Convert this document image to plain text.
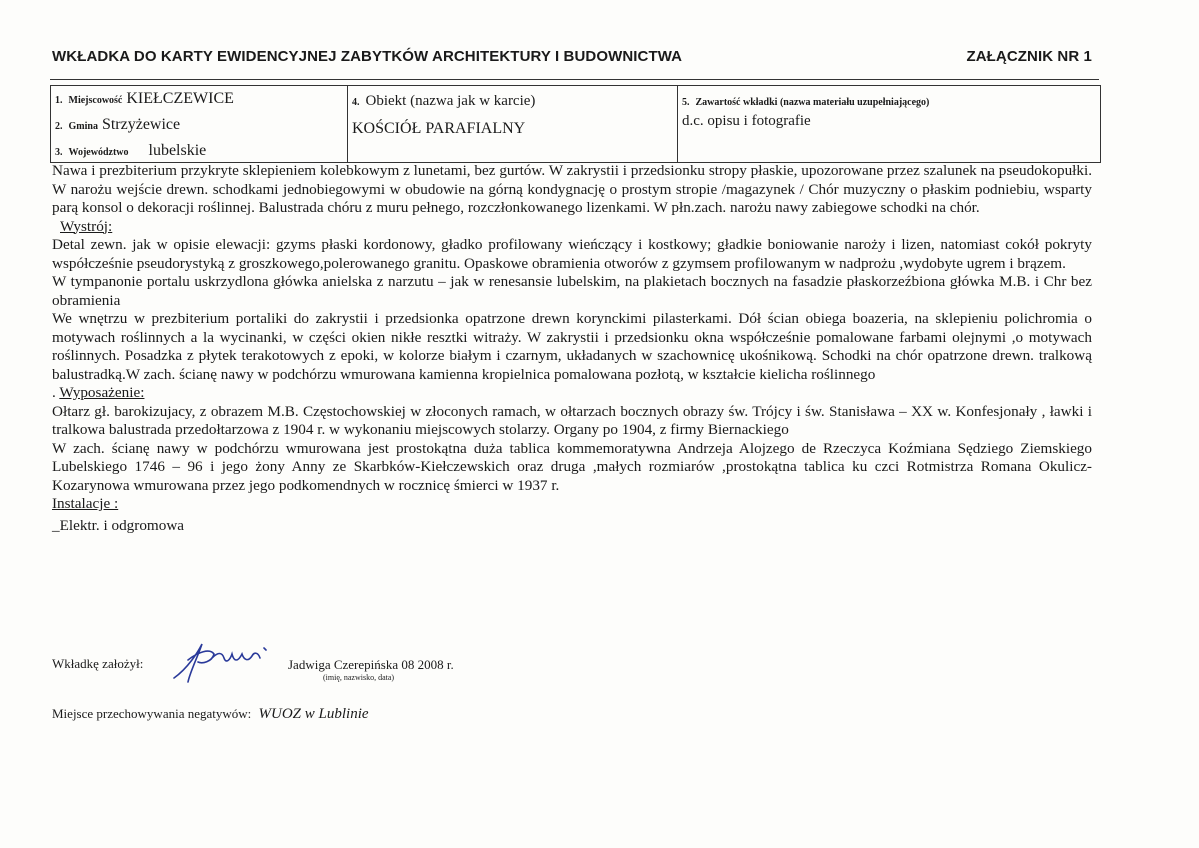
WKŁADKA DO KARTY EWIDENCYJNEJ ZABYTKÓW ARCHITEKTURY I BUDOWNICTWA	ZAŁĄCZNIK NR 1
1. Miejscowość KIEŁCZEWICE
2. Gmina Strzyżewice
3. Województwo lubelskie
4. Obiekt (nazwa jak w karcie)
KOŚCIÓŁ PARAFIALNY
5. Zawartość wkładki (nazwa materiału uzupełniającego)
d.c. opisu i fotografie

Nawa i prezbiterium przykryte sklepieniem kolebkowym z lunetami, bez gurtów. W zakrystii i przedsionku stropy płaskie, upozorowane przez szalunek na pseudokopułki. W narożu wejście drewn. schodkami jednobiegowymi w obudowie na górną kondygnację o prostym stropie /magazynek / Chór muzyczny o płaskim podniebiu, wsparty parą konsol o dekoracji roślinnej. Balustrada chóru z muru pełnego, rozczłonkowanego lizenkami. W płn.zach. narożu nawy zabiegowe schodki na chór.

Wystrój:

Detal zewn. jak w opisie elewacji: gzyms płaski kordonowy, gładko profilowany wieńczący i kostkowy; gładkie boniowanie naroży i lizen, natomiast cokół pokryty współcześnie pseudorystyką z groszkowego,polerowanego granitu. Opaskowe obramienia otworów z gzymsem profilowanym w nadprożu ,wydobyte ugrem i brązem.

W tympanonie portalu uskrzydlona główka anielska z narzutu – jak w renesansie lubelskim, na plakietach bocznych na fasadzie płaskorzeźbiona główka M.B. i Chr bez obramienia

We wnętrzu w prezbiterium portaliki do zakrystii i przedsionka opatrzone drewn korynckimi pilasterkami. Dół ścian obiega boazeria, na sklepieniu polichromia o motywach roślinnych a la wycinanki, w części okien nikłe resztki witraży. W zakrystii i przedsionku okna współcześnie pomalowane farbami olejnymi ,o motywach roślinnych. Posadzka z płytek terakotowych z epoki, w kolorze białym i czarnym, układanych w szachownicę ukośnikową. Schodki na chór opatrzone drewn. tralkową balustradką.W zach. ścianę nawy w podchórzu wmurowana kamienna kropielnica pomalowana pozłotą, w kształcie kielicha roślinnego

. Wyposażenie:

Ołtarz gł. barokizujacy, z obrazem M.B. Częstochowskiej w złoconych ramach, w ołtarzach bocznych obrazy św. Trójcy i św. Stanisława – XX w. Konfesjonały , ławki i tralkowa balustrada przedołtarzowa z 1904 r. w wykonaniu miejscowych stolarzy. Organy po 1904, z firmy Biernackiego

W zach. ścianę nawy w podchórzu wmurowana jest prostokątna duża tablica kommemoratywna Andrzeja Alojzego de Rzeczyca Koźmiana Sędziego Ziemskiego Lubelskiego 1746 – 96 i jego żony Anny ze Skarbków-Kiełczewskich oraz druga ,małych rozmiarów ,prostokątna tablica ku czci Rotmistrza Romana Okulicz-Kozarynowa wmurowana przez jego podkomendnych w rocznicę śmierci w 1937 r.

Instalacje :

_Elektr. i odgromowa

Wkładkę założył:	Jadwiga Czerepińska 08 2008 r.
(imię, nazwisko, data)
Miejsce przechowywania negatywów: WUOZ w Lublinie
